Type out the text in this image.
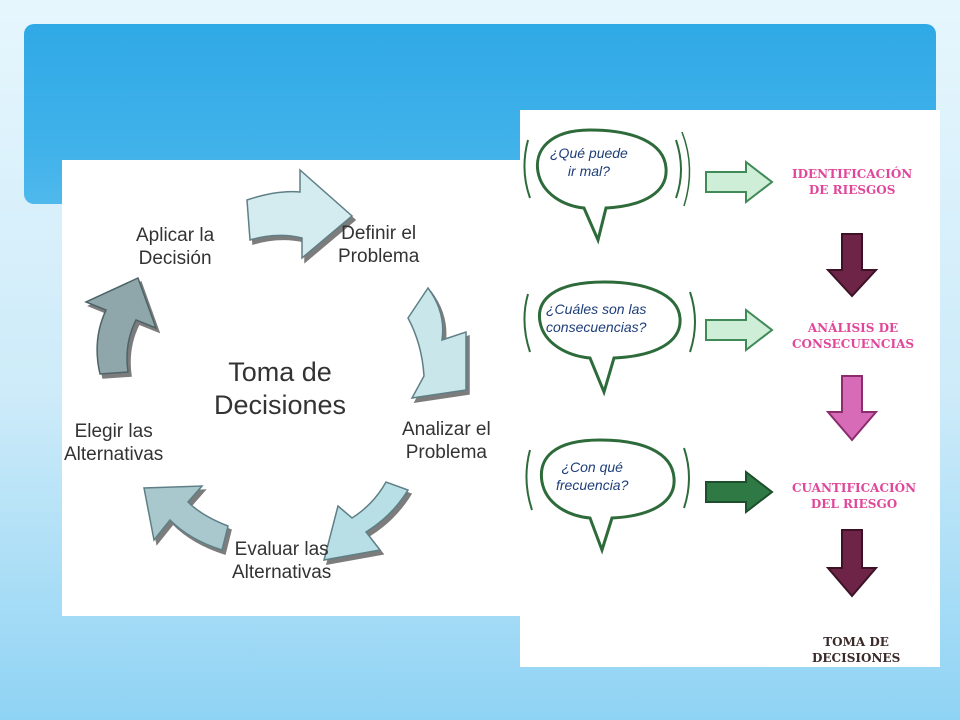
Definir el
Problema
Analizar el
Problema
Evaluar las
Alternativas
Elegir las
Alternativas
Aplicar la
Decisión
Toma de
Decisiones
¿Qué puede
ir mal?
¿Cuáles son las
consecuencias?
¿Con qué
frecuencia?
IDENTIFICACIÓN
DE RIESGOS
ANÁLISIS DE
CONSECUENCIAS
CUANTIFICACIÓN
DEL RIESGO
TOMA DE
DECISIONES
